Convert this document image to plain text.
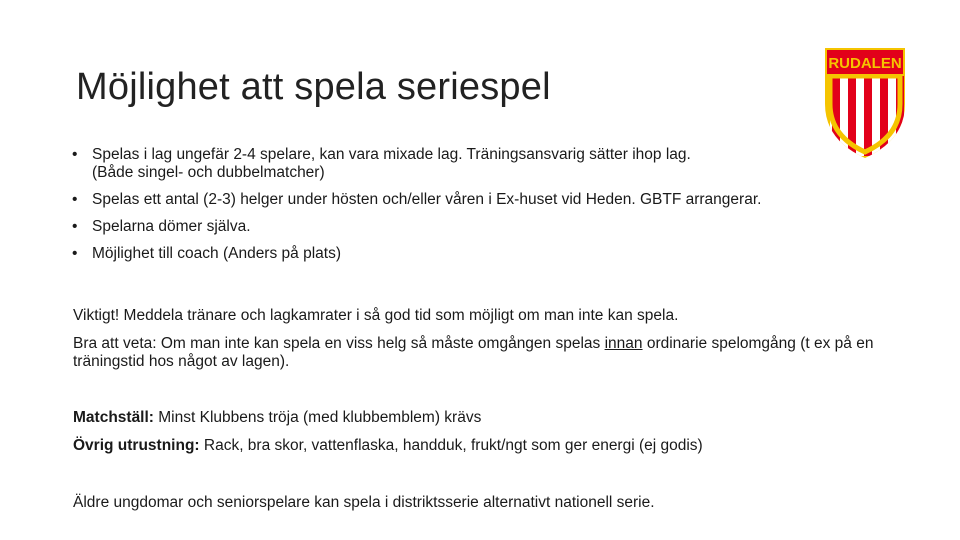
Möjlighet att spela seriespel
RUDALEN
• Spelas i lag ungefär 2-4 spelare, kan vara mixade lag. Träningsansvarig sätter ihop lag.
(Både singel- och dubbelmatcher)
• Spelas ett antal (2-3) helger under hösten och/eller våren i Ex-huset vid Heden. GBTF arrangerar.
• Spelarna dömer själva.
• Möjlighet till coach (Anders på plats)

Viktigt! Meddela tränare och lagkamrater i så god tid som möjligt om man inte kan spela.

Bra att veta: Om man inte kan spela en viss helg så måste omgången spelas innan ordinarie spelomgång (t ex på en träningstid hos något av lagen).

Matchställ: Minst Klubbens tröja (med klubbemblem) krävs

Övrig utrustning: Rack, bra skor, vattenflaska, handduk, frukt/ngt som ger energi (ej godis)

Äldre ungdomar och seniorspelare kan spela i distriktsserie alternativt nationell serie.
